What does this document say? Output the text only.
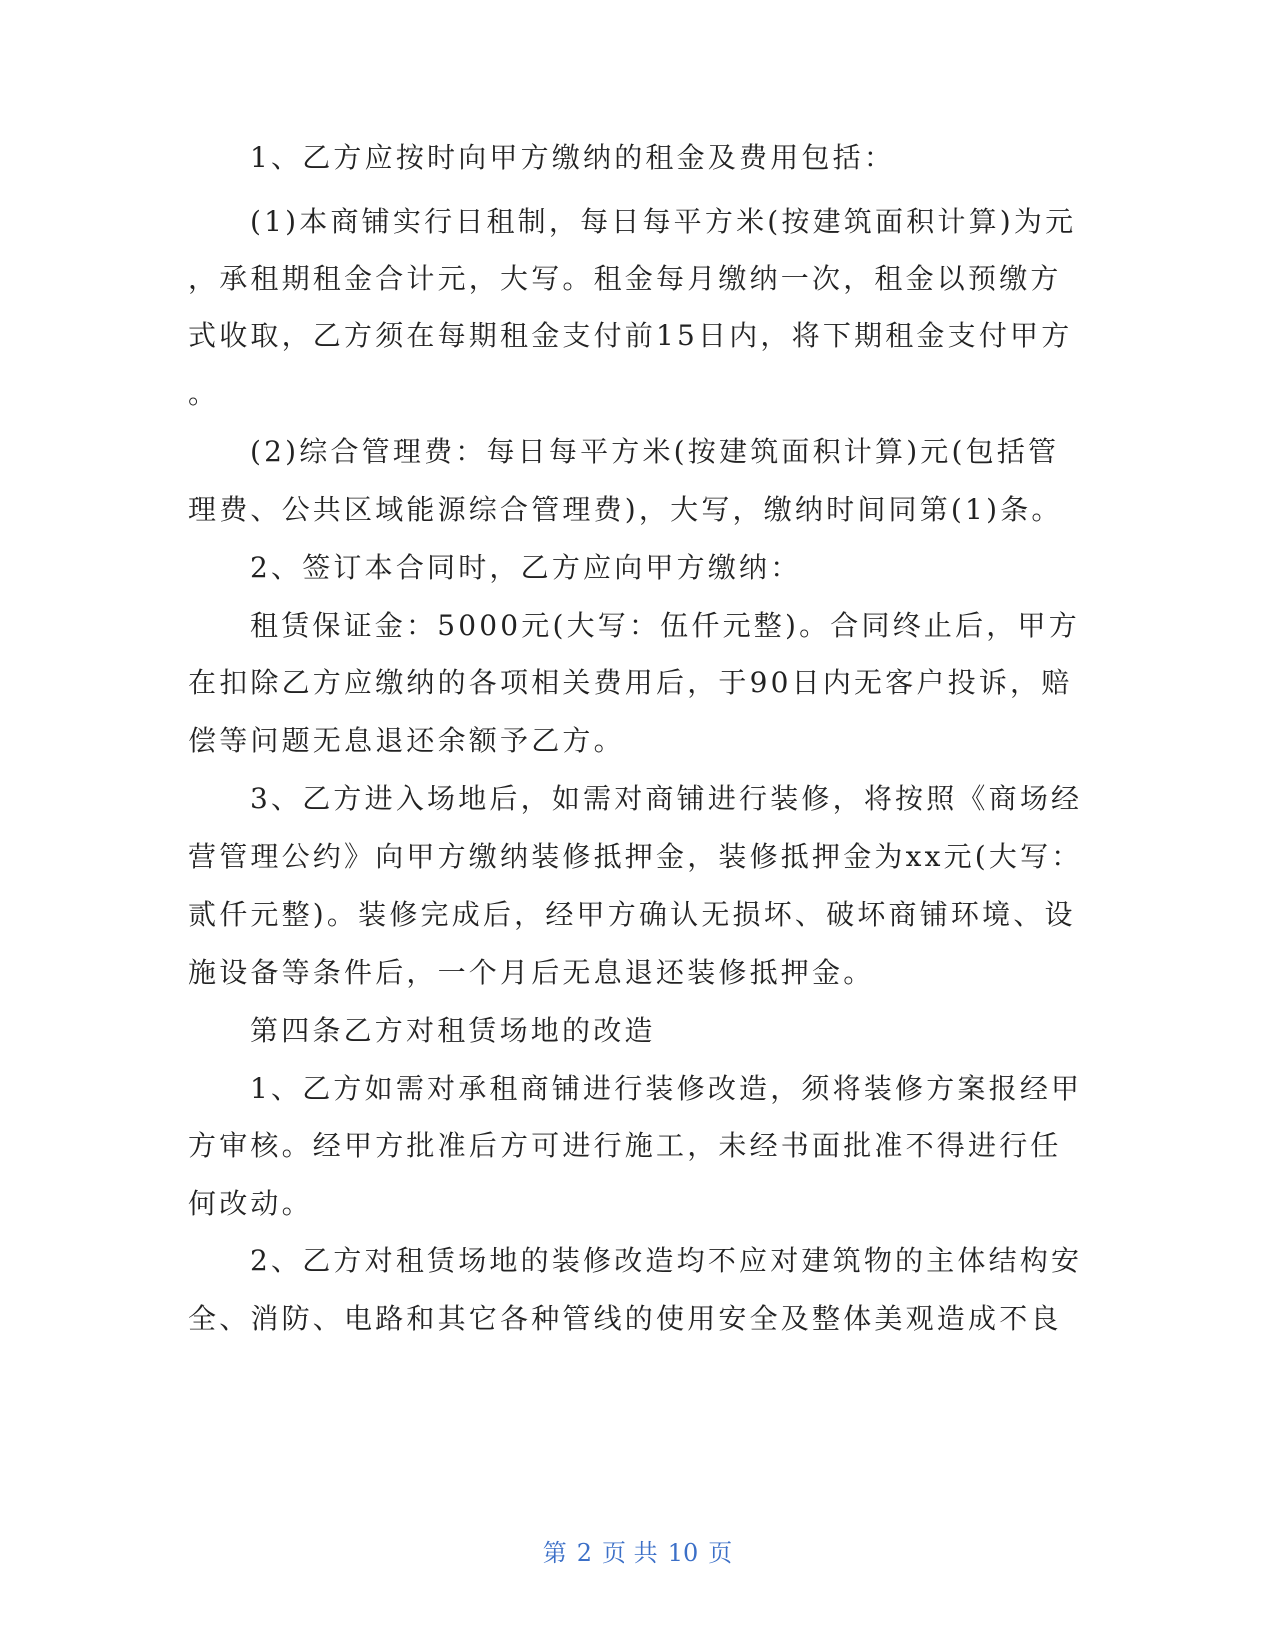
1、乙方应按时向甲方缴纳的租金及费用包括：
(1)本商铺实行日租制，每日每平方米(按建筑面积计算)为元
，承租期租金合计元，大写。租金每月缴纳一次，租金以预缴方
式收取，乙方须在每期租金支付前15日内，将下期租金支付甲方
。
(2)综合管理费：每日每平方米(按建筑面积计算)元(包括管
理费、公共区域能源综合管理费)，大写，缴纳时间同第(1)条。
2、签订本合同时，乙方应向甲方缴纳：
租赁保证金：5000元(大写：伍仟元整)。合同终止后，甲方
在扣除乙方应缴纳的各项相关费用后，于90日内无客户投诉，赔
偿等问题无息退还余额予乙方。
3、乙方进入场地后，如需对商铺进行装修，将按照《商场经
营管理公约》向甲方缴纳装修抵押金，装修抵押金为xx元(大写：
贰仟元整)。装修完成后，经甲方确认无损坏、破坏商铺环境、设
施设备等条件后，一个月后无息退还装修抵押金。
第四条乙方对租赁场地的改造
1、乙方如需对承租商铺进行装修改造，须将装修方案报经甲
方审核。经甲方批准后方可进行施工，未经书面批准不得进行任
何改动。
2、乙方对租赁场地的装修改造均不应对建筑物的主体结构安
全、消防、电路和其它各种管线的使用安全及整体美观造成不良
第 2 页 共 10 页
